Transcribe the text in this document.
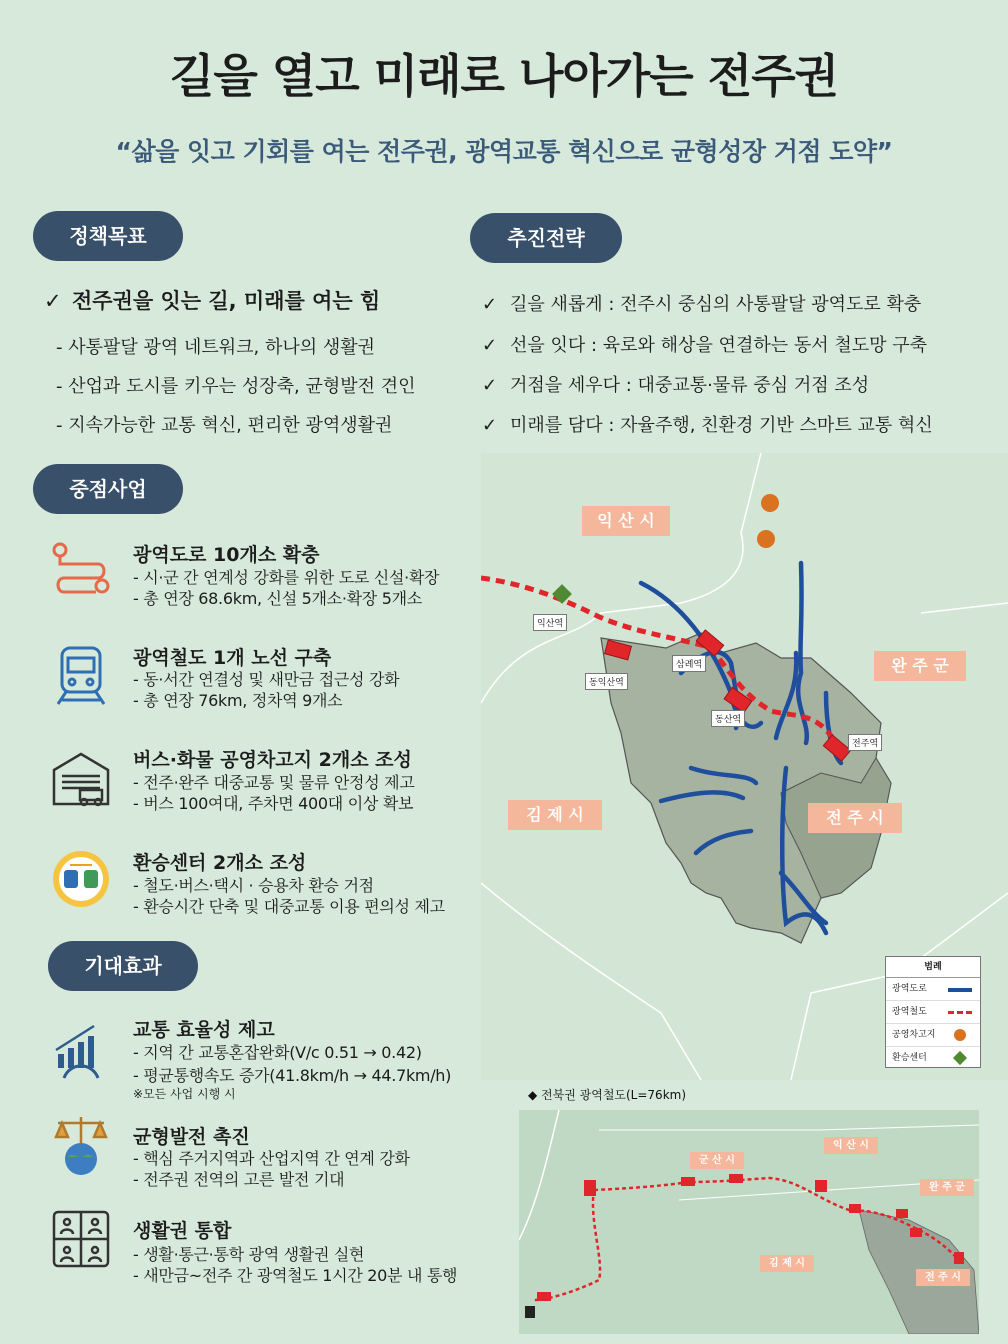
길을 열고 미래로 나아가는 전주권
“삶을 잇고 기회를 여는 전주권, 광역교통 혁신으로 균형성장 거점 도약”
정책목표
✓ 전주권을 잇는 길, 미래를 여는 힘
- 사통팔달 광역 네트워크, 하나의 생활권
- 산업과 도시를 키우는 성장축, 균형발전 견인
- 지속가능한 교통 혁신, 편리한 광역생활권
추진전략
✓ 길을 새롭게 : 전주시 중심의 사통팔달 광역도로 확충
✓ 선을 잇다 : 육로와 해상을 연결하는 동서 철도망 구축
✓ 거점을 세우다 : 대중교통·물류 중심 거점 조성
✓ 미래를 담다 : 자율주행, 친환경 기반 스마트 교통 혁신
익 산 시
완 주 군
김 제 시	전 주 시
익산역
동익산역
삼례역
동산역
전주역
범례
광역도로
광역철도
공영차고지
환승센터
◆ 전북권 광역철도(L=76km)
군 산 시
익 산 시
완 주 군
김 제 시
전 주 시
중점사업
광역도로 10개소 확충
- 시·군 간 연계성 강화를 위한 도로 신설·확장
- 총 연장 68.6km, 신설 5개소·확장 5개소
광역철도 1개 노선 구축
- 동·서간 연결성 및 새만금 접근성 강화
- 총 연장 76km, 정차역 9개소
버스·화물 공영차고지 2개소 조성
- 전주·완주 대중교통 및 물류 안정성 제고
- 버스 100여대, 주차면 400대 이상 확보
환승센터 2개소 조성
- 철도·버스·택시 · 승용차 환승 거점
- 환승시간 단축 및 대중교통 이용 편의성 제고
기대효과
교통 효율성 제고
- 지역 간 교통혼잡완화(V/c 0.51 → 0.42)
- 평균통행속도 증가(41.8km/h → 44.7km/h)
※모든 사업 시행 시
균형발전 촉진
- 핵심 주거지역과 산업지역 간 연계 강화
- 전주권 전역의 고른 발전 기대
생활권 통합
- 생활·통근·통학 광역 생활권 실현
- 새만금~전주 간 광역철도 1시간 20분 내 통행
